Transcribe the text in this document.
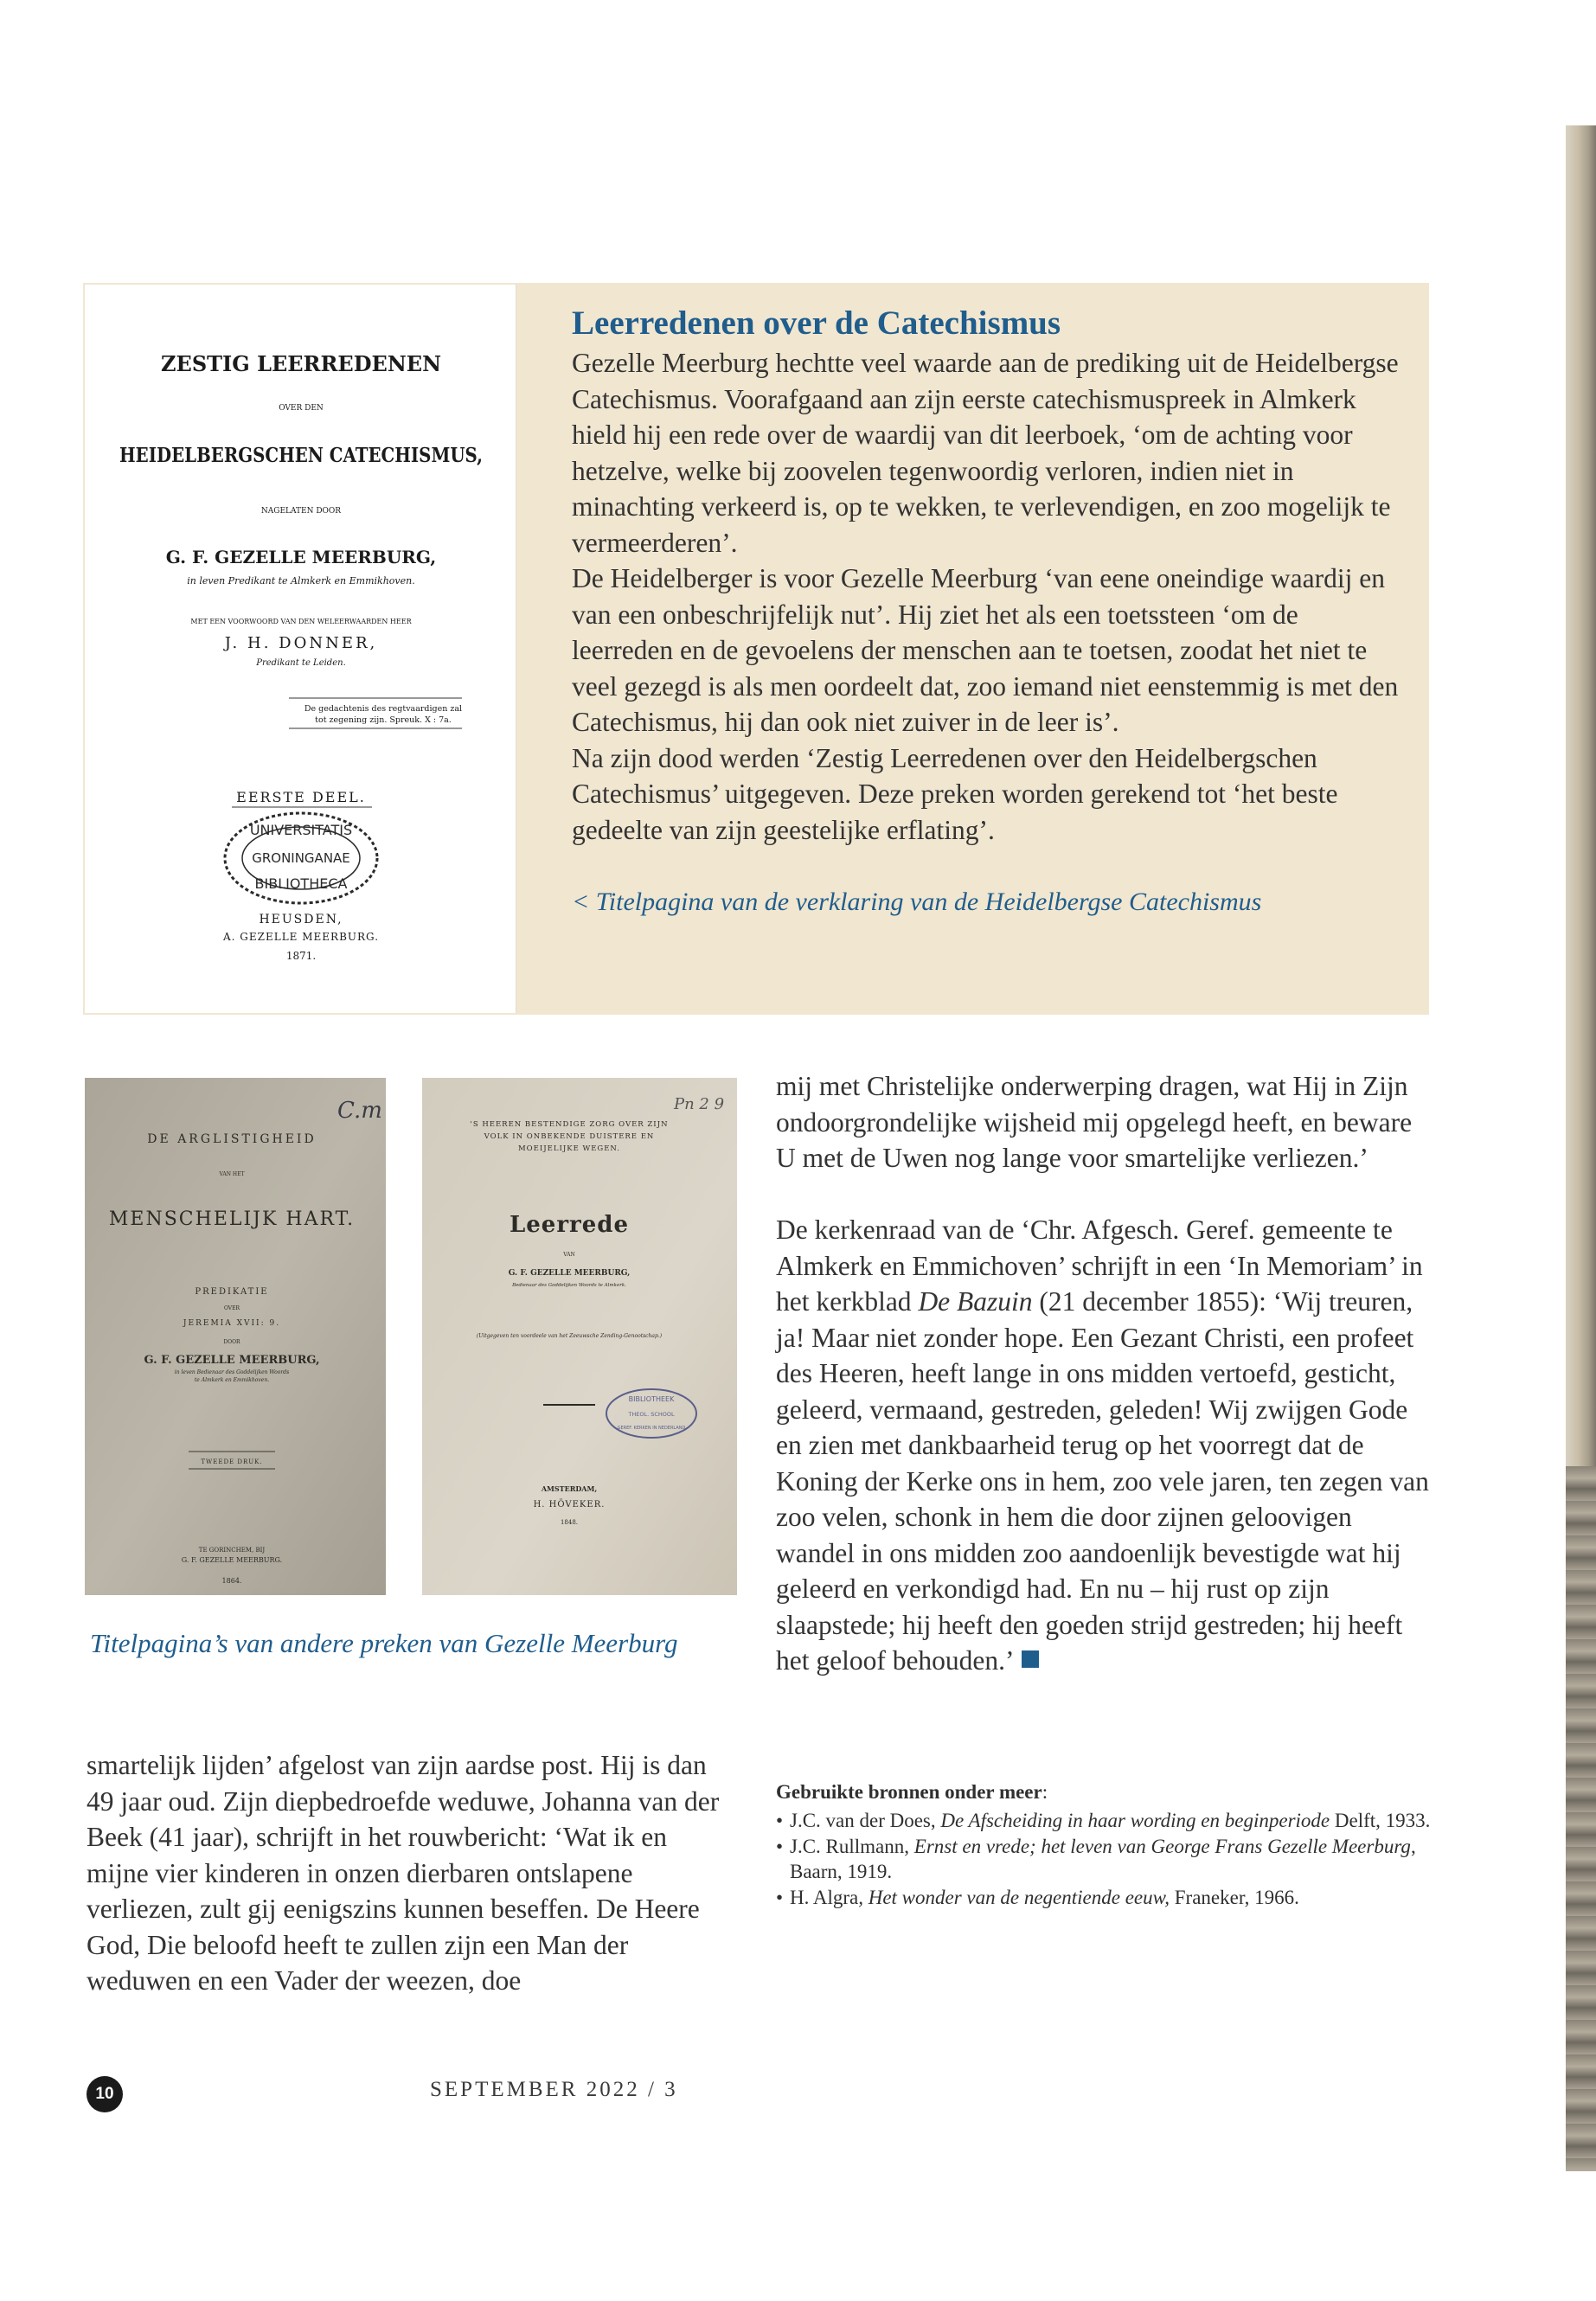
ZESTIG LEERREDENEN
OVER DEN
HEIDELBERGSCHEN CATECHISMUS,
NAGELATEN DOOR
G. F. GEZELLE MEERBURG,
in leven Predikant te Almkerk en Emmikhoven.
MET EEN VOORWOORD VAN DEN WELEERWAARDEN HEER
J. H. DONNER,
Predikant te Leiden.
De gedachtenis des regtvaardigen zal
tot zegening zijn. Spreuk. X : 7a.
EERSTE DEEL.
UNIVERSITATIS
GRONINGANAE
BIBLIOTHECA
HEUSDEN,
A. GEZELLE MEERBURG.
1871.
Leerredenen over de Catechismus

Gezelle Meerburg hechtte veel waarde aan de prediking uit de Heidelbergse Catechismus. Voorafgaand aan zijn eerste catechismuspreek in Almkerk hield hij een rede over de waardij van dit leerboek, ‘om de achting voor hetzelve, welke bij zoovelen tegenwoordig verloren, indien niet in minachting verkeerd is, op te wekken, te verlevendigen, en zoo mogelijk te vermeerderen’.

De Heidelberger is voor Gezelle Meerburg ‘van eene oneindige waardij en van een onbeschrijfelijk nut’. Hij ziet het als een toetssteen ‘om de leerreden en de gevoelens der menschen aan te toetsen, zoodat het niet te veel gezegd is als men oordeelt dat, zoo iemand niet eenstemmig is met den Catechismus, hij dan ook niet zuiver in de leer is’.

Na zijn dood werden ‘Zestig Leerredenen over den Heidelbergschen Catechismus’ uitgegeven. Deze preken worden gerekend tot ‘het beste gedeelte van zijn geestelijke erflating’.

< Titelpagina van de verklaring van de Heidelbergse Catechismus

C.m
DE ARGLISTIGHEID
VAN HET
MENSCHELIJK HART.
PREDIKATIE
OVER
JEREMIA XVII: 9.
DOOR
G. F. GEZELLE MEERBURG,
in leven Bedienaar des Goddelijken Woords
te Almkerk en Emmikhoven.
TWEEDE DRUK.
TE GORINCHEM, BIJ
G. F. GEZELLE MEERBURG.
1864.
Pn 2 9
'S HEEREN BESTENDIGE ZORG OVER ZIJN
VOLK IN ONBEKENDE DUISTERE EN
MOEIJELIJKE WEGEN.
Leerrede
VAN
G. F. GEZELLE MEERBURG,
Bedienaar des Goddelijken Woords te Almkerk.
(Uitgegeven ten voordeele van het Zeeuwsche Zending-Genootschap.)
BIBLIOTHEEK
THEOL. SCHOOL
GEREF. KERKEN IN NEDERLAND
AMSTERDAM,
H. HÖVEKER.
1848.
Titelpagina’s van andere preken van Gezelle Meerburg

smartelijk lijden’ afgelost van zijn aardse post. Hij is dan 49 jaar oud. Zijn diepbedroefde weduwe, Johanna van der Beek (41 jaar), schrijft in het rouwbericht: ‘Wat ik en mijne vier kinderen in onzen dierbaren ontslapene verliezen, zult gij eenigszins kunnen beseffen. De Heere God, Die beloofd heeft te zullen zijn een Man der weduwen en een Vader der weezen, doe

mij met Christelijke onderwerping dragen, wat Hij in Zijn ondoorgrondelijke wijsheid mij opgelegd heeft, en beware U met de Uwen nog lange voor smartelijke verliezen.’

De kerkenraad van de ‘Chr. Afgesch. Geref. gemeente te Almkerk en Emmichoven’ schrijft in een ‘In Memoriam’ in het kerkblad De Bazuin (21 december 1855): ‘Wij treuren, ja! Maar niet zonder hope. Een Gezant Christi, een profeet des Heeren, heeft lange in ons midden vertoefd, gesticht, geleerd, vermaand, gestreden, geleden! Wij zwijgen Gode en zien met dankbaarheid terug op het voorregt dat de Koning der Kerke ons in hem, zoo vele jaren, ten zegen van zoo velen, schonk in hem die door zijnen geloovigen wandel in ons midden zoo aandoenlijk bevestigde wat hij geleerd en verkondigd had. En nu – hij rust op zijn slaapstede; hij heeft den goeden strijd gestreden; hij heeft het geloof behouden.’

Gebruikte bronnen onder meer:
• J.C. van der Does, De Afscheiding in haar wording en beginperiode Delft, 1933.
• J.C. Rullmann, Ernst en vrede; het leven van George Frans Gezelle Meerburg, Baarn, 1919.
• H. Algra, Het wonder van de negentiende eeuw, Franeker, 1966.
10	SEPTEMBER 2022 / 3
